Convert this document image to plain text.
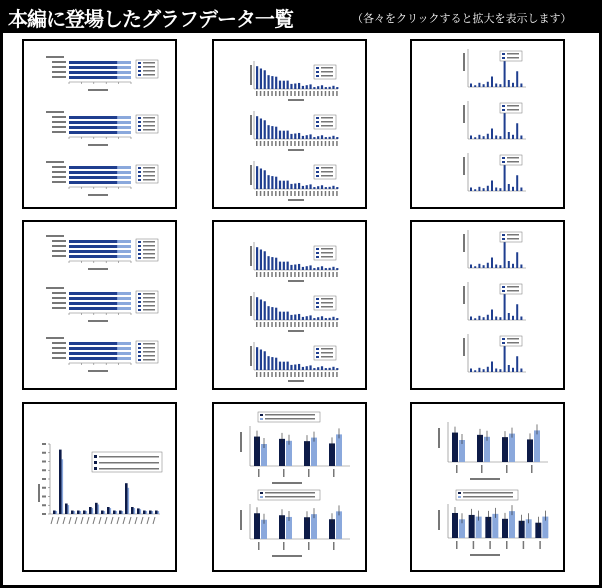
本編に登場したグラフデータ一覧	（各々をクリックすると拡大を表示します）
